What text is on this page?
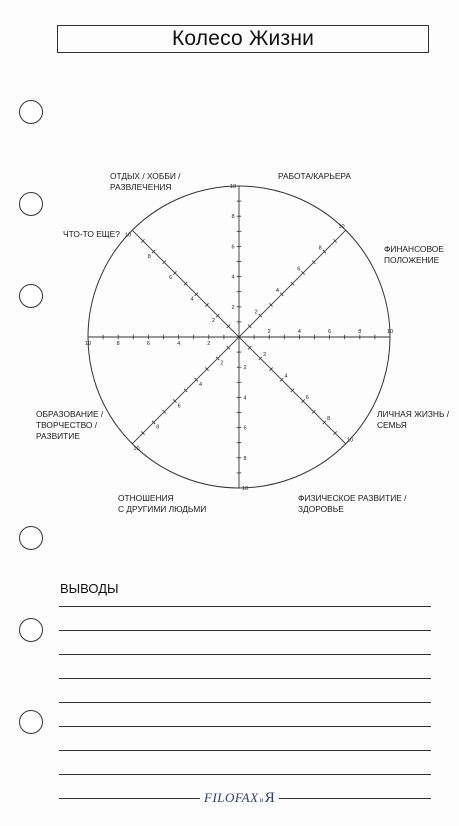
Колесо Жизни
2	4	6	8	10
2
4
6
8
10
2
4
6
8
10
2
4
6
8
10
2
4
6
8
10
2
4
6
8
10
2
4
6
8
10
2
4
6
8
10
ОТДЫХ / ХОББИ /
РАЗВЛЕЧЕНИЯ
РАБОТА/КАРЬЕРА
ЧТО-ТО ЕЩЕ?
ФИНАНСОВОЕ
ПОЛОЖЕНИЕ
ОБРАЗОВАНИЕ /
ТВОРЧЕСТВО /
РАЗВИТИЕ
ЛИЧНАЯ ЖИЗНЬ /
СЕМЬЯ
ОТНОШЕНИЯ
С ДРУГИМИ ЛЮДЬМИ
ФИЗИЧЕСКОЕ РАЗВИТИЕ /
ЗДОРОВЬЕ
ВЫВОДЫ
FILOFAXиЯ
